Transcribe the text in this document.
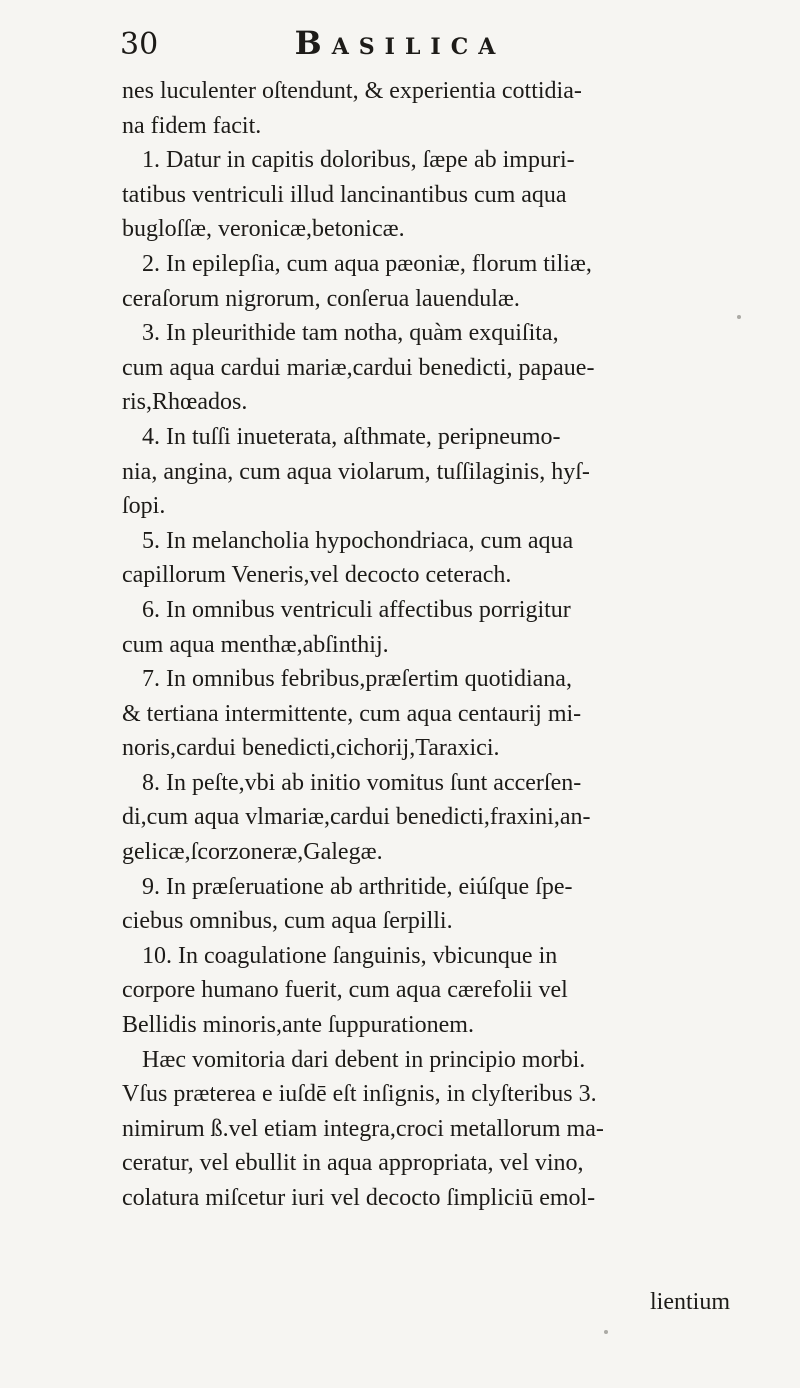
30	Basilica
nes luculenter oſtendunt, & experientia cottidia-
na fidem facit.
1. Datur in capitis doloribus, ſæpe ab impuri-
tatibus ventriculi illud lancinantibus cum aqua
bugloſſæ, veronicæ,betonicæ.
2. In epilepſia, cum aqua pæoniæ, florum tiliæ,
ceraſorum nigrorum, conſerua lauendulæ.
3. In pleurithide tam notha, quàm exquiſita,
cum aqua cardui mariæ,cardui benedicti, papaue-
ris,Rhœados.
4. In tuſſi inueterata, aſthmate, peripneumo-
nia, angina, cum aqua violarum, tuſſilaginis, hyſ-
ſopi.
5. In melancholia hypochondriaca, cum aqua
capillorum Veneris,vel decocto ceterach.
6. In omnibus ventriculi affectibus porrigitur
cum aqua menthæ,abſinthij.
7. In omnibus febribus,præſertim quotidiana,
& tertiana intermittente, cum aqua centaurij mi-
noris,cardui benedicti,cichorij,Taraxici.
8. In peſte,vbi ab initio vomitus ſunt accerſen-
di,cum aqua vlmariæ,cardui benedicti,fraxini,an-
gelicæ,ſcorzoneræ,Galegæ.
9. In præſeruatione ab arthritide, eiúſque ſpe-
ciebus omnibus, cum aqua ſerpilli.
10. In coagulatione ſanguinis, vbicunque in
corpore humano fuerit, cum aqua cærefolii vel
Bellidis minoris,ante ſuppurationem.
Hæc vomitoria dari debent in principio morbi.
Vſus præterea e iuſdē eſt inſignis, in clyſteribus 3.
nimirum ß.vel etiam integra,croci metallorum ma-
ceratur, vel ebullit in aqua appropriata, vel vino,
colatura miſcetur iuri vel decocto ſimpliciū emol-
lientium
